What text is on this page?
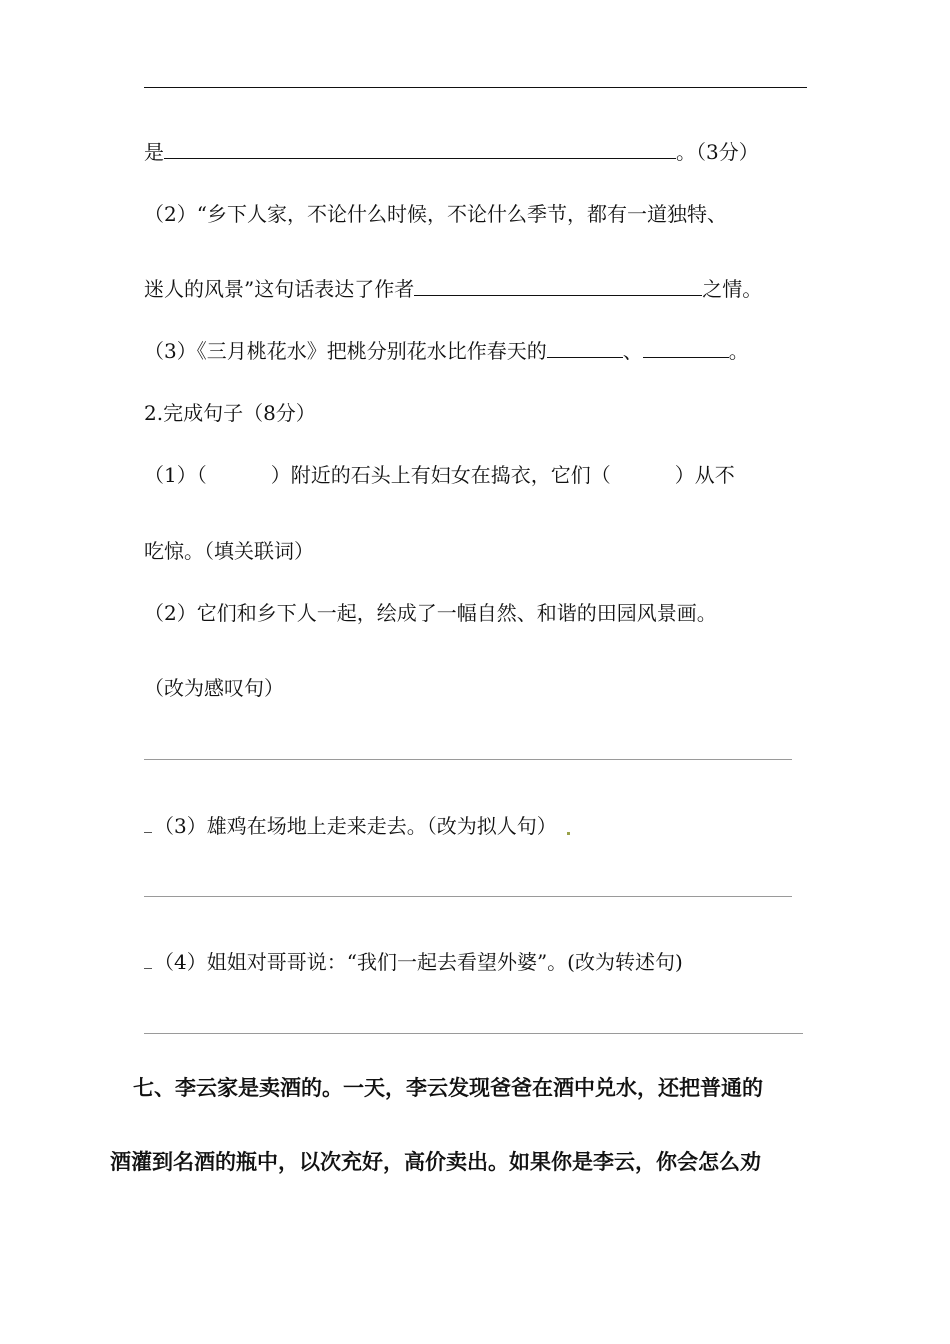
是	。（3分）
（2）“乡下人家，不论什么时候，不论什么季节，都有一道独特、
迷人的风景”这句话表达了作者	之情。
（3）《三月桃花水》把桃分别花水比作春天的	、	。
2.完成句子（8分）
（1）（	）附近的石头上有妇女在捣衣，它们（	）从不
吃惊。（填关联词）
（2）它们和乡下人一起，绘成了一幅自然、和谐的田园风景画。
（改为感叹句）
（3）雄鸡在场地上走来走去。（改为拟人句）
（4）姐姐对哥哥说：“我们一起去看望外婆”。(改为转述句)
七、李云家是卖酒的。一天，李云发现爸爸在酒中兑水，还把普通的
酒灌到名酒的瓶中，以次充好，高价卖出。如果你是李云，你会怎么劝
